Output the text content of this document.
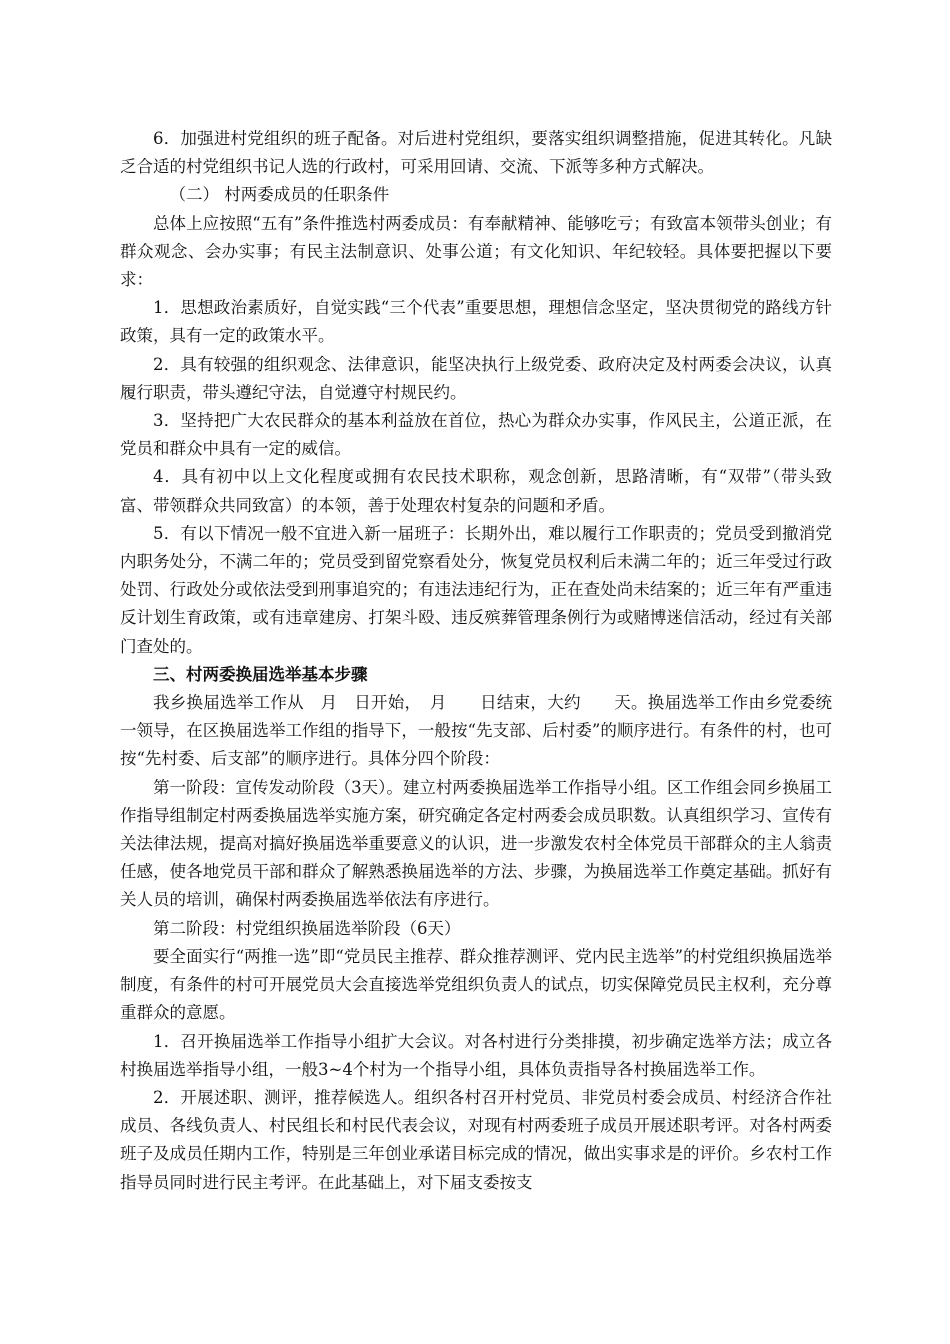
6．加强进村党组织的班子配备。对后进村党组织，要落实组织调整措施，促进其转化。凡缺乏合适的村党组织书记人选的行政村，可采用回请、交流、下派等多种方式解决。

（二） 村两委成员的任职条件

总体上应按照“五有”条件推选村两委成员：有奉献精神、能够吃亏；有致富本领带头创业；有群众观念、会办实事；有民主法制意识、处事公道；有文化知识、年纪较轻。具体要把握以下要求：

1．思想政治素质好，自觉实践“三个代表”重要思想，理想信念坚定，坚决贯彻党的路线方针政策，具有一定的政策水平。

2．具有较强的组织观念、法律意识，能坚决执行上级党委、政府决定及村两委会决议，认真履行职责，带头遵纪守法，自觉遵守村规民约。

3．坚持把广大农民群众的基本利益放在首位，热心为群众办实事，作风民主，公道正派，在党员和群众中具有一定的威信。

4．具有初中以上文化程度或拥有农民技术职称，观念创新，思路清晰，有“双带”（带头致富、带领群众共同致富）的本领，善于处理农村复杂的问题和矛盾。

5．有以下情况一般不宜进入新一届班子：长期外出，难以履行工作职责的；党员受到撤消党内职务处分，不满二年的；党员受到留党察看处分，恢复党员权利后未满二年的；近三年受过行政处罚、行政处分或依法受到刑事追究的；有违法违纪行为，正在查处尚未结案的；近三年有严重违反计划生育政策，或有违章建房、打架斗殴、违反殡葬管理条例行为或赌博迷信活动，经过有关部门查处的。

三、村两委换届选举基本步骤

我乡换届选举工作从　月　日开始，　月　　日结束，大约　　天。换届选举工作由乡党委统一领导，在区换届选举工作组的指导下，一般按“先支部、后村委”的顺序进行。有条件的村，也可按“先村委、后支部”的顺序进行。具体分四个阶段：

第一阶段：宣传发动阶段（3天）。建立村两委换届选举工作指导小组。区工作组会同乡换届工作指导组制定村两委换届选举实施方案，研究确定各定村两委会成员职数。认真组织学习、宣传有关法律法规，提高对搞好换届选举重要意义的认识，进一步激发农村全体党员干部群众的主人翁责任感，使各地党员干部和群众了解熟悉换届选举的方法、步骤，为换届选举工作奠定基础。抓好有关人员的培训，确保村两委换届选举依法有序进行。

第二阶段：村党组织换届选举阶段（6天）

要全面实行“两推一选”即“党员民主推荐、群众推荐测评、党内民主选举”的村党组织换届选举制度，有条件的村可开展党员大会直接选举党组织负责人的试点，切实保障党员民主权利，充分尊重群众的意愿。

1．召开换届选举工作指导小组扩大会议。对各村进行分类排摸，初步确定选举方法；成立各村换届选举指导小组，一般3~4个村为一个指导小组，具体负责指导各村换届选举工作。

2．开展述职、测评，推荐候选人。组织各村召开村党员、非党员村委会成员、村经济合作社成员、各线负责人、村民组长和村民代表会议，对现有村两委班子成员开展述职考评。对各村两委班子及成员任期内工作，特别是三年创业承诺目标完成的情况，做出实事求是的评价。乡农村工作指导员同时进行民主考评。在此基础上，对下届支委按支
